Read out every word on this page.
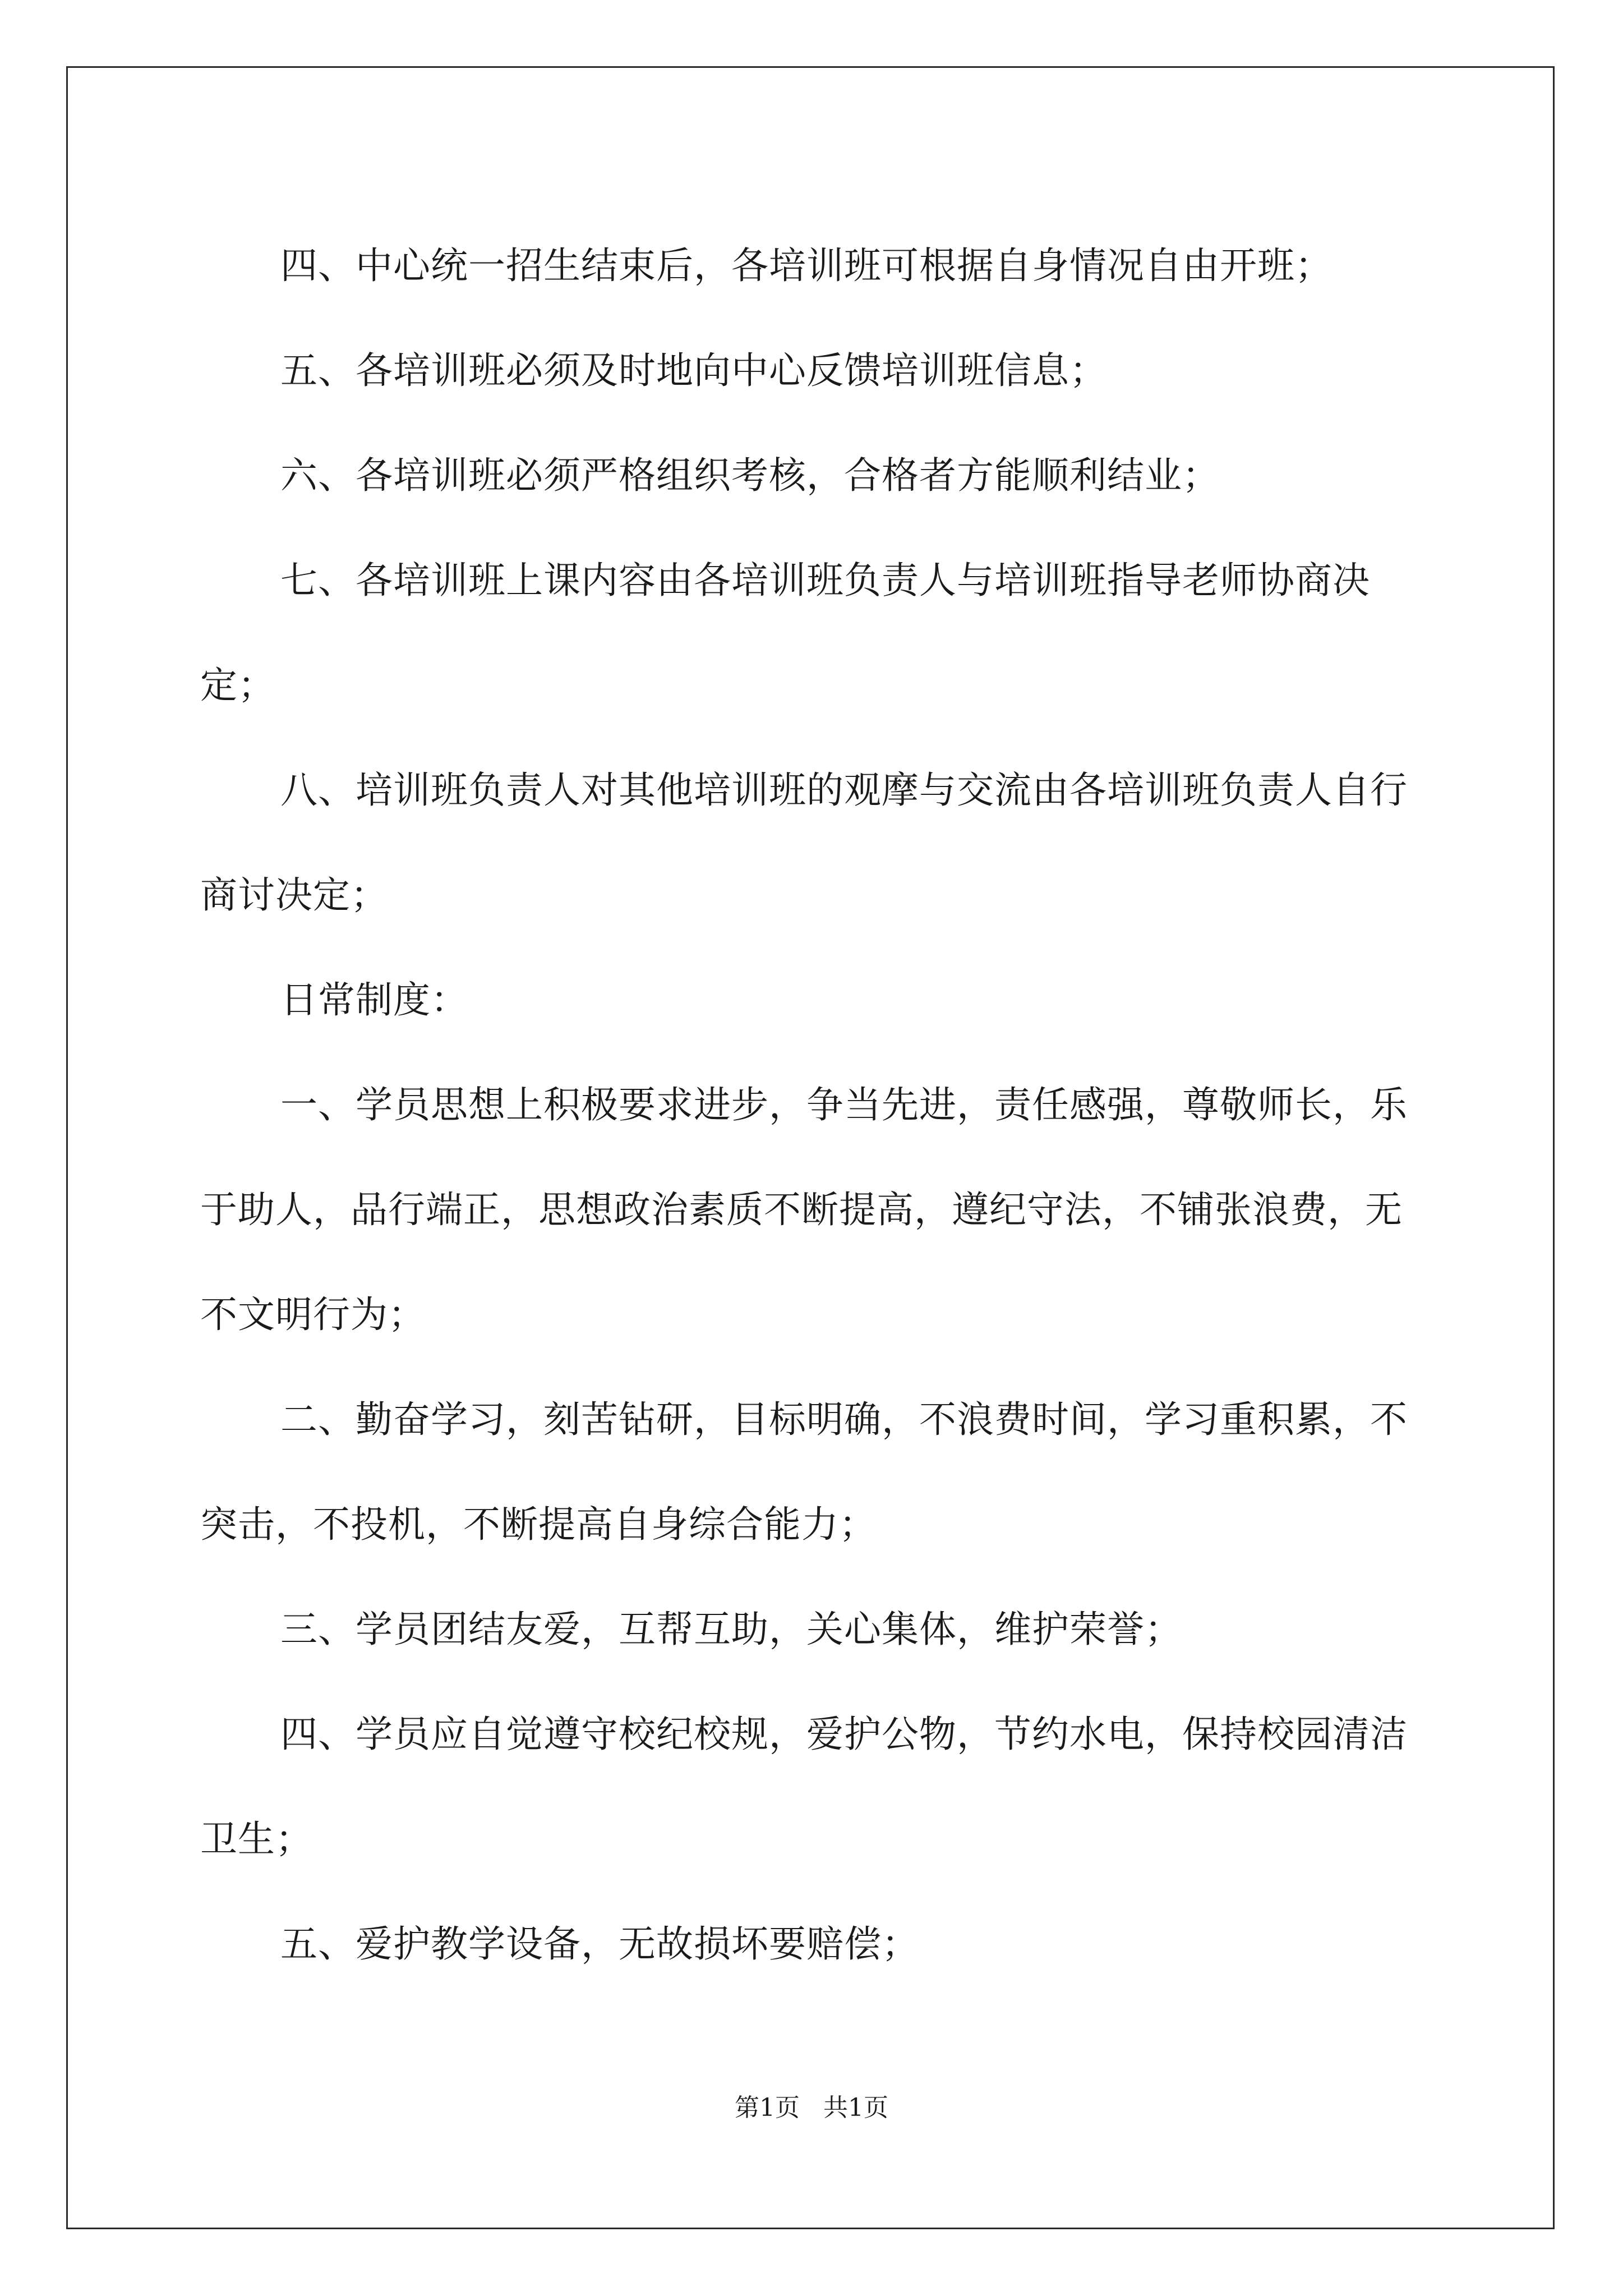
四、中心统一招生结束后，各培训班可根据自身情况自由开班；

五、各培训班必须及时地向中心反馈培训班信息；

六、各培训班必须严格组织考核，合格者方能顺利结业；

七、各培训班上课内容由各培训班负责人与培训班指导老师协商决定；

八、培训班负责人对其他培训班的观摩与交流由各培训班负责人自行商讨决定；

日常制度：

一、学员思想上积极要求进步，争当先进，责任感强，尊敬师长，乐于助人，品行端正，思想政治素质不断提高，遵纪守法，不铺张浪费，无不文明行为；

二、勤奋学习，刻苦钻研，目标明确，不浪费时间，学习重积累，不突击，不投机，不断提高自身综合能力；

三、学员团结友爱，互帮互助，关心集体，维护荣誉；

四、学员应自觉遵守校纪校规，爱护公物，节约水电，保持校园清洁卫生；

五、爱护教学设备，无故损坏要赔偿；

第1页 共1页
